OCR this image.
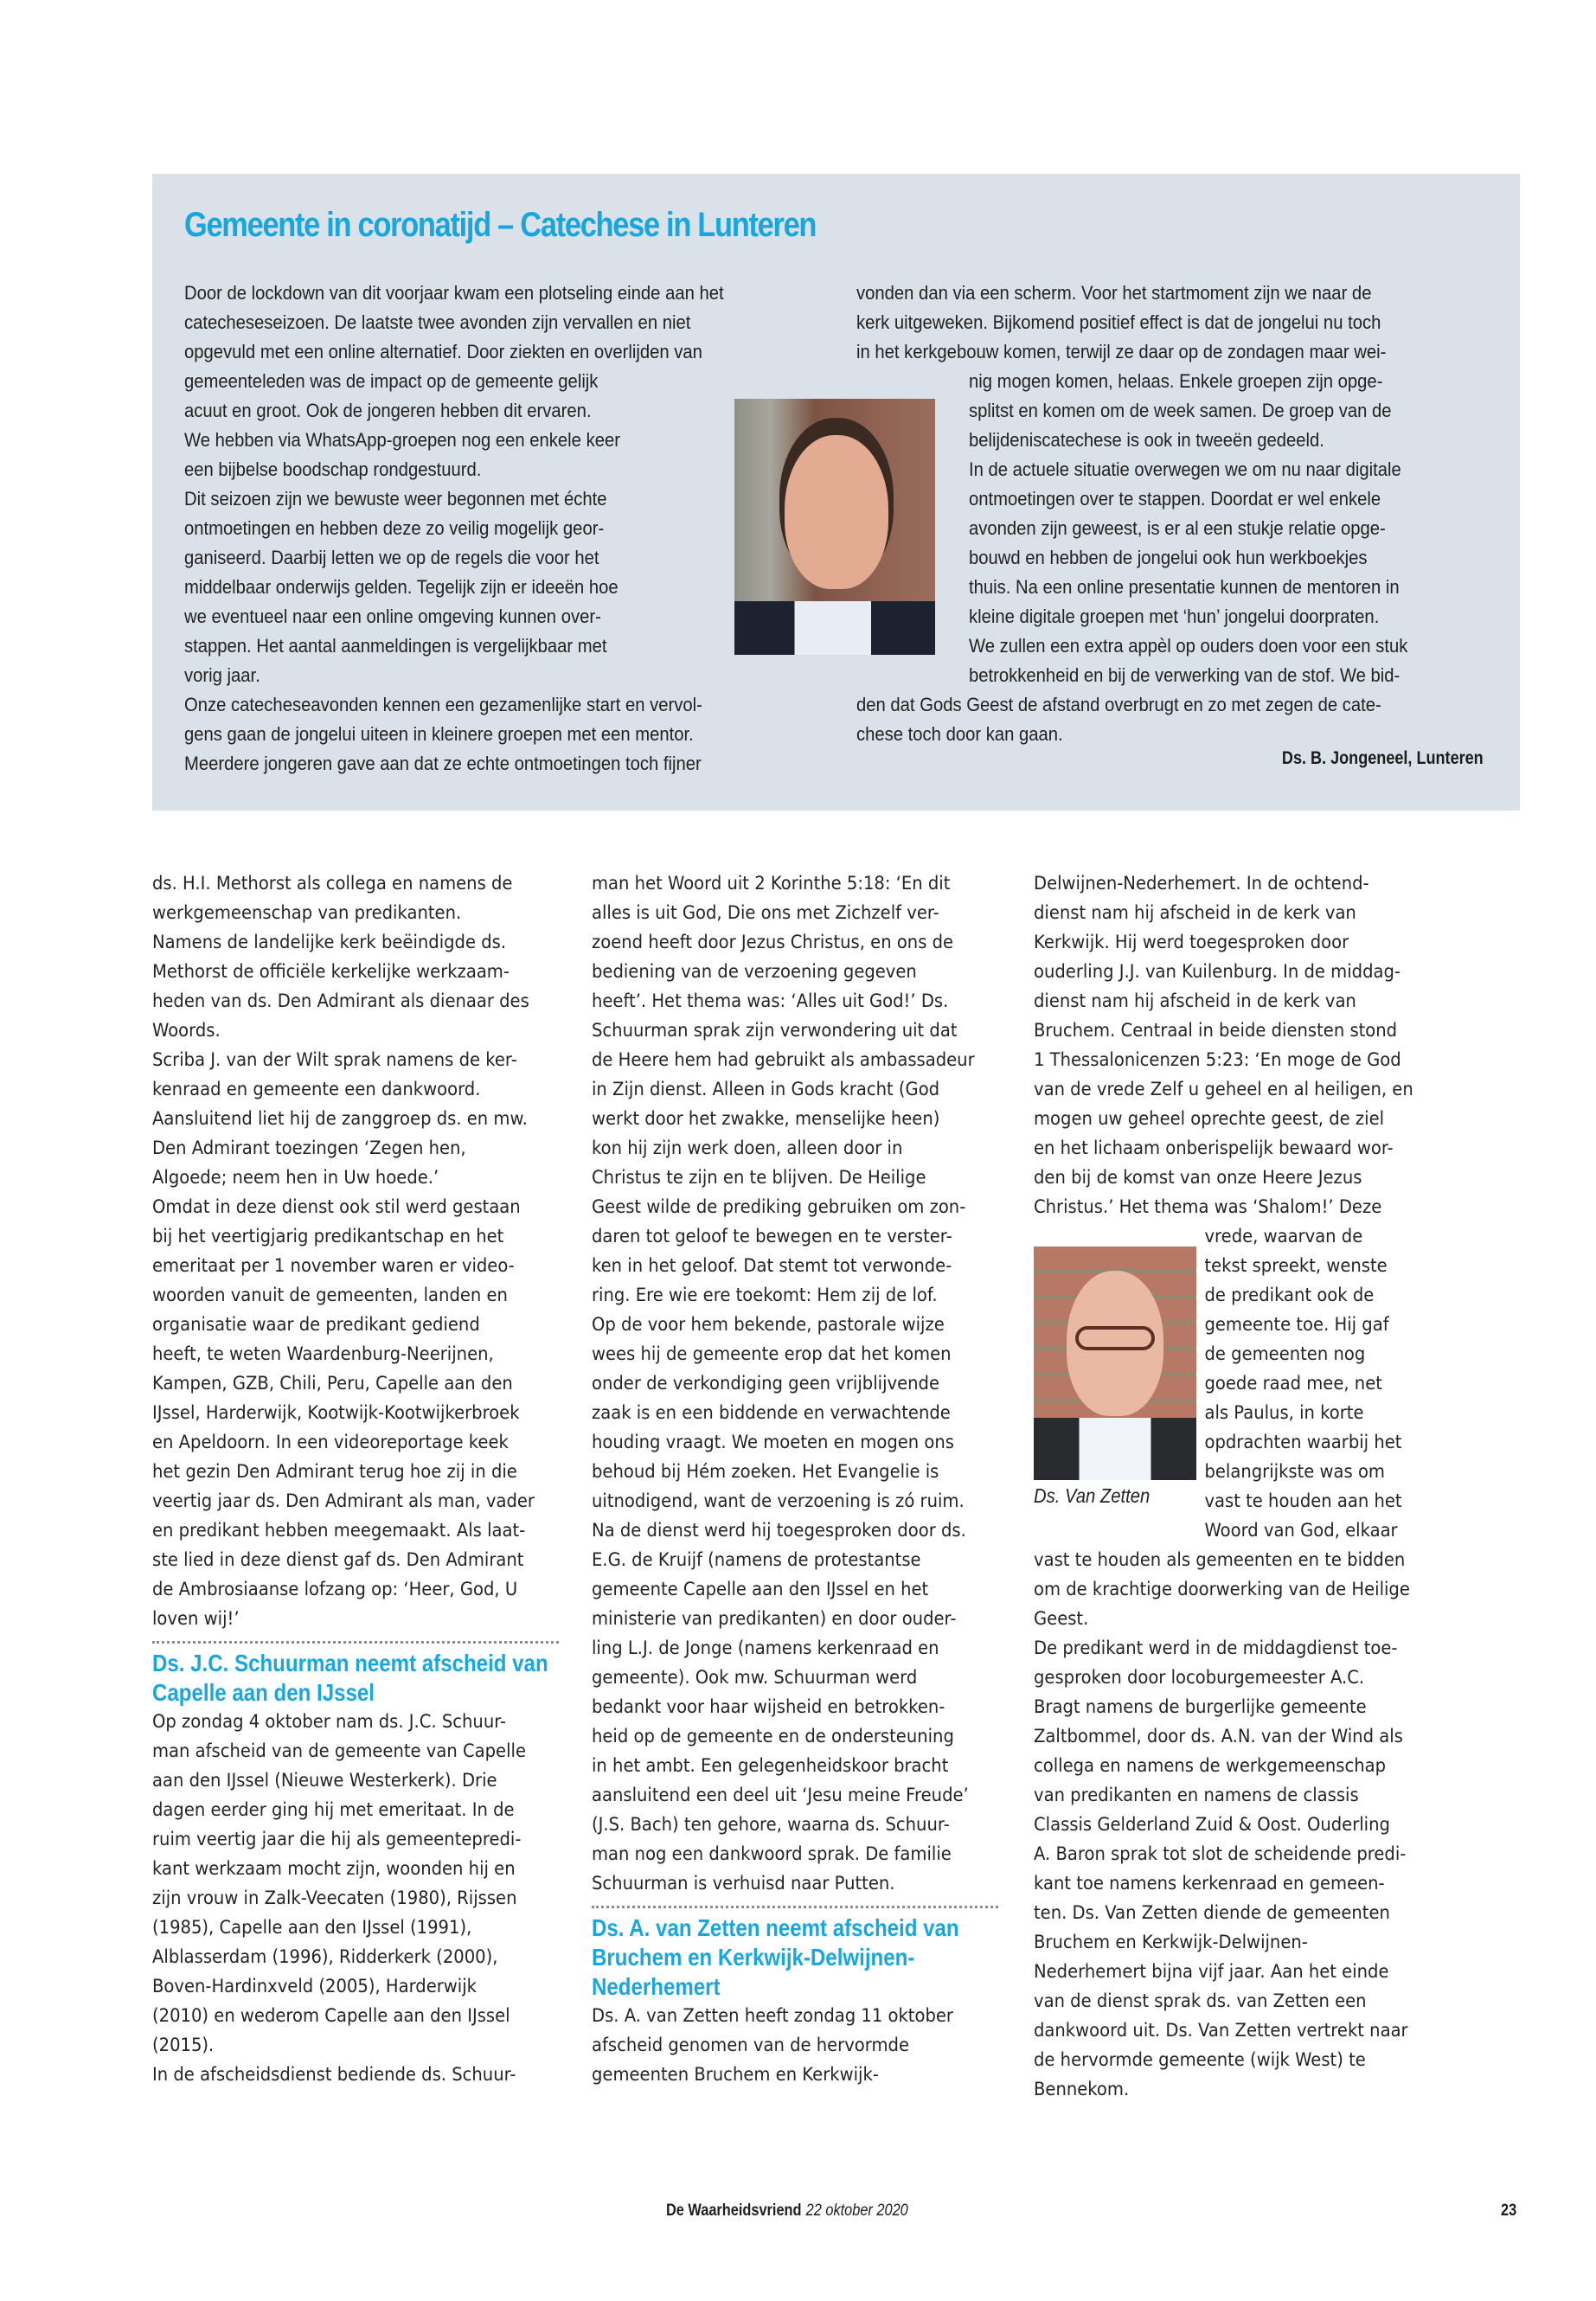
Gemeente in coronatijd – Catechese in Lunteren
Door de lockdown van dit voorjaar kwam een plotseling einde aan het
catecheseseizoen. De laatste twee avonden zijn vervallen en niet
opgevuld met een online alternatief. Door ziekten en overlijden van
gemeenteleden was de impact op de gemeente gelijk
acuut en groot. Ook de jongeren hebben dit ervaren.
We hebben via WhatsApp-groepen nog een enkele keer
een bijbelse boodschap rondgestuurd.
Dit seizoen zijn we bewuste weer begonnen met échte
ontmoetingen en hebben deze zo veilig mogelijk geor-
ganiseerd. Daarbij letten we op de regels die voor het
middelbaar onderwijs gelden. Tegelijk zijn er ideeën hoe
we eventueel naar een online omgeving kunnen over-
stappen. Het aantal aanmeldingen is vergelijkbaar met
vorig jaar.
Onze catecheseavonden kennen een gezamenlijke start en vervol-
gens gaan de jongelui uiteen in kleinere groepen met een mentor.
Meerdere jongeren gave aan dat ze echte ontmoetingen toch fijner
vonden dan via een scherm. Voor het startmoment zijn we naar de
kerk uitgeweken. Bijkomend positief effect is dat de jongelui nu toch
in het kerkgebouw komen, terwijl ze daar op de zondagen maar wei-
nig mogen komen, helaas. Enkele groepen zijn opge-
splitst en komen om de week samen. De groep van de
belijdeniscatechese is ook in tweeën gedeeld.
In de actuele situatie overwegen we om nu naar digitale
ontmoetingen over te stappen. Doordat er wel enkele
avonden zijn geweest, is er al een stukje relatie opge-
bouwd en hebben de jongelui ook hun werkboekjes
thuis. Na een online presentatie kunnen de mentoren in
kleine digitale groepen met ‘hun’ jongelui doorpraten.
We zullen een extra appèl op ouders doen voor een stuk
betrokkenheid en bij de verwerking van de stof. We bid-
den dat Gods Geest de afstand overbrugt en zo met zegen de cate-
chese toch door kan gaan.
Ds. B. Jongeneel, Lunteren
ds. H.I. Methorst als collega en namens de
werkgemeenschap van predikanten.
Namens de landelijke kerk beëindigde ds.
Methorst de officiële kerkelijke werkzaam-
heden van ds. Den Admirant als dienaar des
Woords.
Scriba J. van der Wilt sprak namens de ker-
kenraad en gemeente een dankwoord.
Aansluitend liet hij de zanggroep ds. en mw.
Den Admirant toezingen ‘Zegen hen,
Algoede; neem hen in Uw hoede.’
Omdat in deze dienst ook stil werd gestaan
bij het veertigjarig predikantschap en het
emeritaat per 1 november waren er video-
woorden vanuit de gemeenten, landen en
organisatie waar de predikant gediend
heeft, te weten Waardenburg-Neerijnen,
Kampen, GZB, Chili, Peru, Capelle aan den
IJssel, Harderwijk, Kootwijk-Kootwijkerbroek
en Apeldoorn. In een videoreportage keek
het gezin Den Admirant terug hoe zij in die
veertig jaar ds. Den Admirant als man, vader
en predikant hebben meegemaakt. Als laat-
ste lied in deze dienst gaf ds. Den Admirant
de Ambrosiaanse lofzang op: ‘Heer, God, U
loven wij!’
Ds. J.C. Schuurman neemt afscheid van
Capelle aan den IJssel
Op zondag 4 oktober nam ds. J.C. Schuur-
man afscheid van de gemeente van Capelle
aan den IJssel (Nieuwe Westerkerk). Drie
dagen eerder ging hij met emeritaat. In de
ruim veertig jaar die hij als gemeentepredi-
kant werkzaam mocht zijn, woonden hij en
zijn vrouw in Zalk-Veecaten (1980), Rijssen
(1985), Capelle aan den IJssel (1991),
Alblasserdam (1996), Ridderkerk (2000),
Boven-Hardinxveld (2005), Harderwijk
(2010) en wederom Capelle aan den IJssel
(2015).
In de afscheidsdienst bediende ds. Schuur-
man het Woord uit 2 Korinthe 5:18: ‘En dit
alles is uit God, Die ons met Zichzelf ver-
zoend heeft door Jezus Christus, en ons de
bediening van de verzoening gegeven
heeft’. Het thema was: ‘Alles uit God!’ Ds.
Schuurman sprak zijn verwondering uit dat
de Heere hem had gebruikt als ambassadeur
in Zijn dienst. Alleen in Gods kracht (God
werkt door het zwakke, menselijke heen)
kon hij zijn werk doen, alleen door in
Christus te zijn en te blijven. De Heilige
Geest wilde de prediking gebruiken om zon-
daren tot geloof te bewegen en te verster-
ken in het geloof. Dat stemt tot verwonde-
ring. Ere wie ere toekomt: Hem zij de lof.
Op de voor hem bekende, pastorale wijze
wees hij de gemeente erop dat het komen
onder de verkondiging geen vrijblijvende
zaak is en een biddende en verwachtende
houding vraagt. We moeten en mogen ons
behoud bij Hém zoeken. Het Evangelie is
uitnodigend, want de verzoening is zó ruim.
Na de dienst werd hij toegesproken door ds.
E.G. de Kruijf (namens de protestantse
gemeente Capelle aan den IJssel en het
ministerie van predikanten) en door ouder-
ling L.J. de Jonge (namens kerkenraad en
gemeente). Ook mw. Schuurman werd
bedankt voor haar wijsheid en betrokken-
heid op de gemeente en de ondersteuning
in het ambt. Een gelegenheidskoor bracht
aansluitend een deel uit ‘Jesu meine Freude’
(J.S. Bach) ten gehore, waarna ds. Schuur-
man nog een dankwoord sprak. De familie
Schuurman is verhuisd naar Putten.
Ds. A. van Zetten neemt afscheid van
Bruchem en Kerkwijk-Delwijnen-
Nederhemert
Ds. A. van Zetten heeft zondag 11 oktober
afscheid genomen van de hervormde
gemeenten Bruchem en Kerkwijk-
Delwijnen-Nederhemert. In de ochtend-
dienst nam hij afscheid in de kerk van
Kerkwijk. Hij werd toegesproken door
ouderling J.J. van Kuilenburg. In de middag-
dienst nam hij afscheid in de kerk van
Bruchem. Centraal in beide diensten stond
1 Thessalonicenzen 5:23: ‘En moge de God
van de vrede Zelf u geheel en al heiligen, en
mogen uw geheel oprechte geest, de ziel
en het lichaam onberispelijk bewaard wor-
den bij de komst van onze Heere Jezus
Christus.’ Het thema was ‘Shalom!’ Deze
vrede, waarvan de
tekst spreekt, wenste
de predikant ook de
gemeente toe. Hij gaf
de gemeenten nog
goede raad mee, net
als Paulus, in korte
opdrachten waarbij het
belangrijkste was om
vast te houden aan het
Woord van God, elkaar
vast te houden als gemeenten en te bidden
om de krachtige doorwerking van de Heilige
Geest.
De predikant werd in de middagdienst toe-
gesproken door locoburgemeester A.C.
Bragt namens de burgerlijke gemeente
Zaltbommel, door ds. A.N. van der Wind als
collega en namens de werkgemeenschap
van predikanten en namens de classis
Classis Gelderland Zuid & Oost. Ouderling
A. Baron sprak tot slot de scheidende predi-
kant toe namens kerkenraad en gemeen-
ten. Ds. Van Zetten diende de gemeenten
Bruchem en Kerkwijk-Delwijnen-
Nederhemert bijna vijf jaar. Aan het einde
van de dienst sprak ds. van Zetten een
dankwoord uit. Ds. Van Zetten vertrekt naar
de hervormde gemeente (wijk West) te
Bennekom.
Ds. Van Zetten
De Waarheidsvriend 22 oktober 2020	23
